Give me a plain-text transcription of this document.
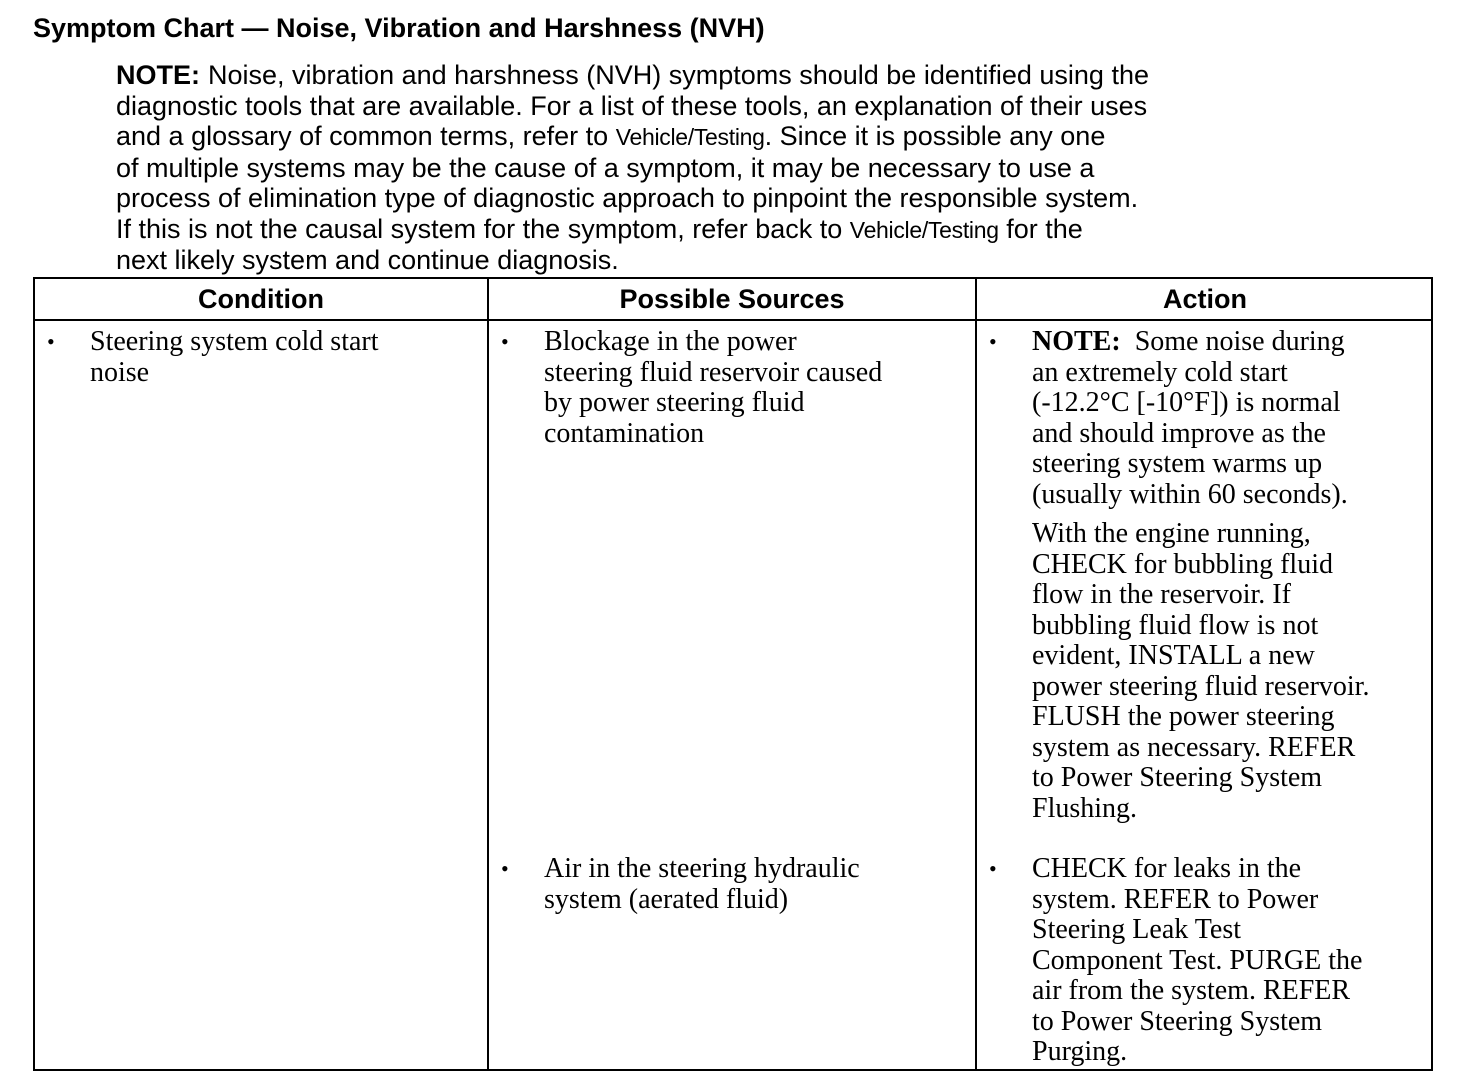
Symptom Chart — Noise, Vibration and Harshness (NVH)
NOTE: Noise, vibration and harshness (NVH) symptoms should be identified using the
diagnostic tools that are available. For a list of these tools, an explanation of their uses
and a glossary of common terms, refer to Vehicle/Testing. Since it is possible any one
of multiple systems may be the cause of a symptom, it may be necessary to use a
process of elimination type of diagnostic approach to pinpoint the responsible system.
If this is not the causal system for the symptom, refer back to Vehicle/Testing for the
next likely system and continue diagnosis.
Condition	Possible Sources	Action
• Steering system cold start
noise
• Blockage in the power
steering fluid reservoir caused
by power steering fluid
contamination
• NOTE: Some noise during
an extremely cold start
(-12.2°C [-10°F]) is normal
and should improve as the
steering system warms up
(usually within 60 seconds).
With the engine running,
CHECK for bubbling fluid
flow in the reservoir. If
bubbling fluid flow is not
evident, INSTALL a new
power steering fluid reservoir.
FLUSH the power steering
system as necessary. REFER
to Power Steering System
Flushing.
• Air in the steering hydraulic
system (aerated fluid)
• CHECK for leaks in the
system. REFER to Power
Steering Leak Test
Component Test. PURGE the
air from the system. REFER
to Power Steering System
Purging.
